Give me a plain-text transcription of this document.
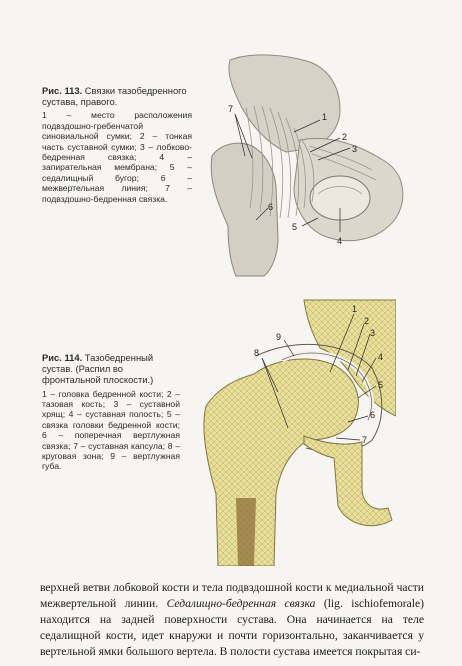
Рис. 113. Связки тазобедренного сустава, правого.
1 – место расположения подвздошно-гребенчатой синовиальной сумки; 2 – тонкая часть суставной сумки; 3 – лобково-бедренная связка; 4 – запирательная мембрана; 5 – седалищный бугор; 6 – межвертельная линия; 7 – подвздошно-бедренная связка.
7
1
2
3
4
5
6
Рис. 114. Тазобедренный сустав. (Распил во фронтальной плоскости.)
1 – головка бедренной кости; 2 – тазовая кость; 3 – суставной хрящ; 4 – суставная полость; 5 – связка головки бедренной кости; 6 – поперечная вертлужная связка; 7 – суставная капсула; 8 – круговая зона; 9 – вертлужная губа.
1
2
3
4
5
6
7
8
9

верхней ветви лобковой кости и тела подвздошной кости к медиальной части межвертельной линии. Седалищно-бедренная связка (lig. ischiofemorale) находится на задней поверхности сустава. Она начинается на теле седалищной кости, идет кнаружи и почти горизонтально, заканчивается у вертельной ямки большого вертела. В полости сустава имеется покрытая си-
